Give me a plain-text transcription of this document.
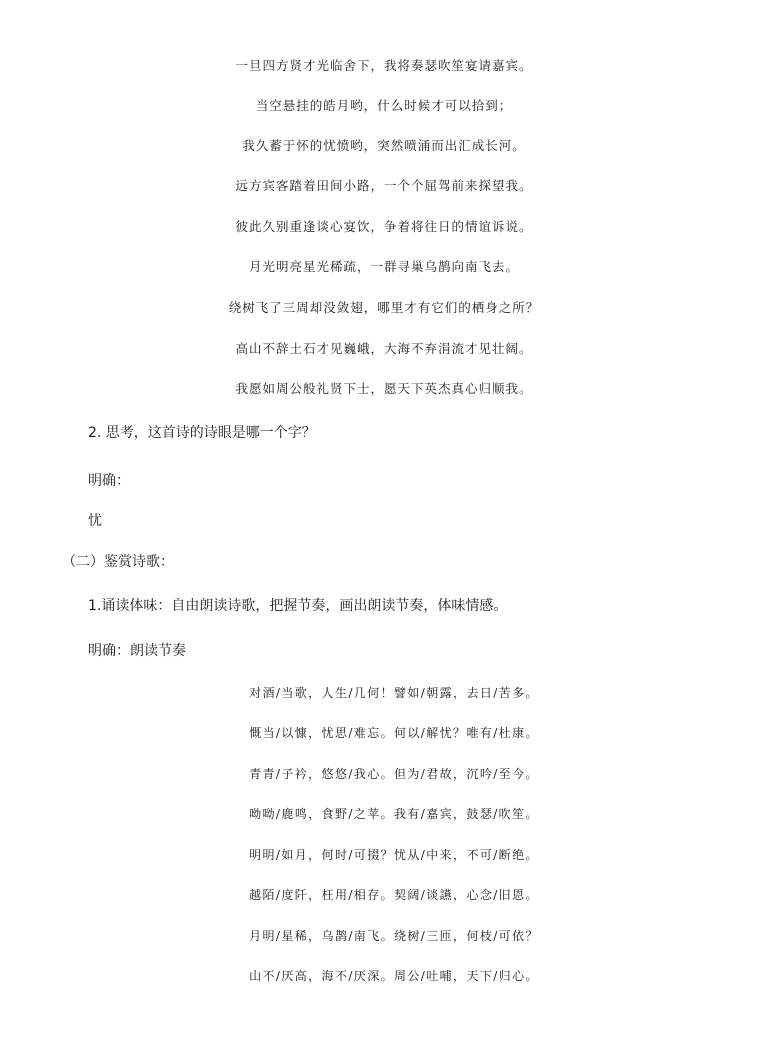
一旦四方贤才光临舍下，我将奏瑟吹笙宴请嘉宾。
当空悬挂的皓月哟，什么时候才可以拾到；
我久蓄于怀的忧愤哟，突然喷涌而出汇成长河。
远方宾客踏着田间小路，一个个屈驾前来探望我。
彼此久别重逢谈心宴饮，争着将往日的情谊诉说。
月光明亮星光稀疏，一群寻巢乌鹊向南飞去。
绕树飞了三周却没敛翅，哪里才有它们的栖身之所？
高山不辞土石才见巍峨，大海不弃涓流才见壮阔。
我愿如周公般礼贤下士，愿天下英杰真心归顺我。
2. 思考，这首诗的诗眼是哪一个字？
明确：
忧
（二）鉴赏诗歌：
1.诵读体味：自由朗读诗歌，把握节奏，画出朗读节奏，体味情感。
明确：朗读节奏
对酒/当歌，人生/几何！譬如/朝露，去日/苦多。
慨当/以慷，忧思/难忘。何以/解忧？唯有/杜康。
青青/子衿，悠悠/我心。但为/君故，沉吟/至今。
呦呦/鹿鸣，食野/之苹。我有/嘉宾，鼓瑟/吹笙。
明明/如月，何时/可掇？忧从/中来，不可/断绝。
越陌/度阡，枉用/相存。契阔/谈讌，心念/旧恩。
月明/星稀，乌鹊/南飞。绕树/三匝，何枝/可依？
山不/厌高，海不/厌深。周公/吐哺，天下/归心。
